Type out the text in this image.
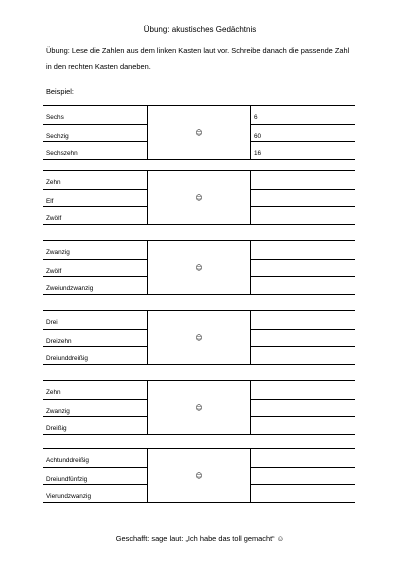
Übung: akustisches Gedächtnis
Übung: Lese die Zahlen aus dem linken Kasten laut vor. Schreibe danach die passende Zahl in den rechten Kasten daneben.
Beispiel:
Sechs
Sechzig
Sechszehn
☺
6
60
16
Zehn
Elf
Zwölf
☺
Zwanzig
Zwölf
Zweiundzwanzig
☺
Drei
Dreizehn
Dreiunddreißig
☺
Zehn
Zwanzig
Dreißig
☺
Achtunddreißig
Dreiundfünfzig
Vierundzwanzig
☺
Geschafft: sage laut: „Ich habe das toll gemacht“ ☺
